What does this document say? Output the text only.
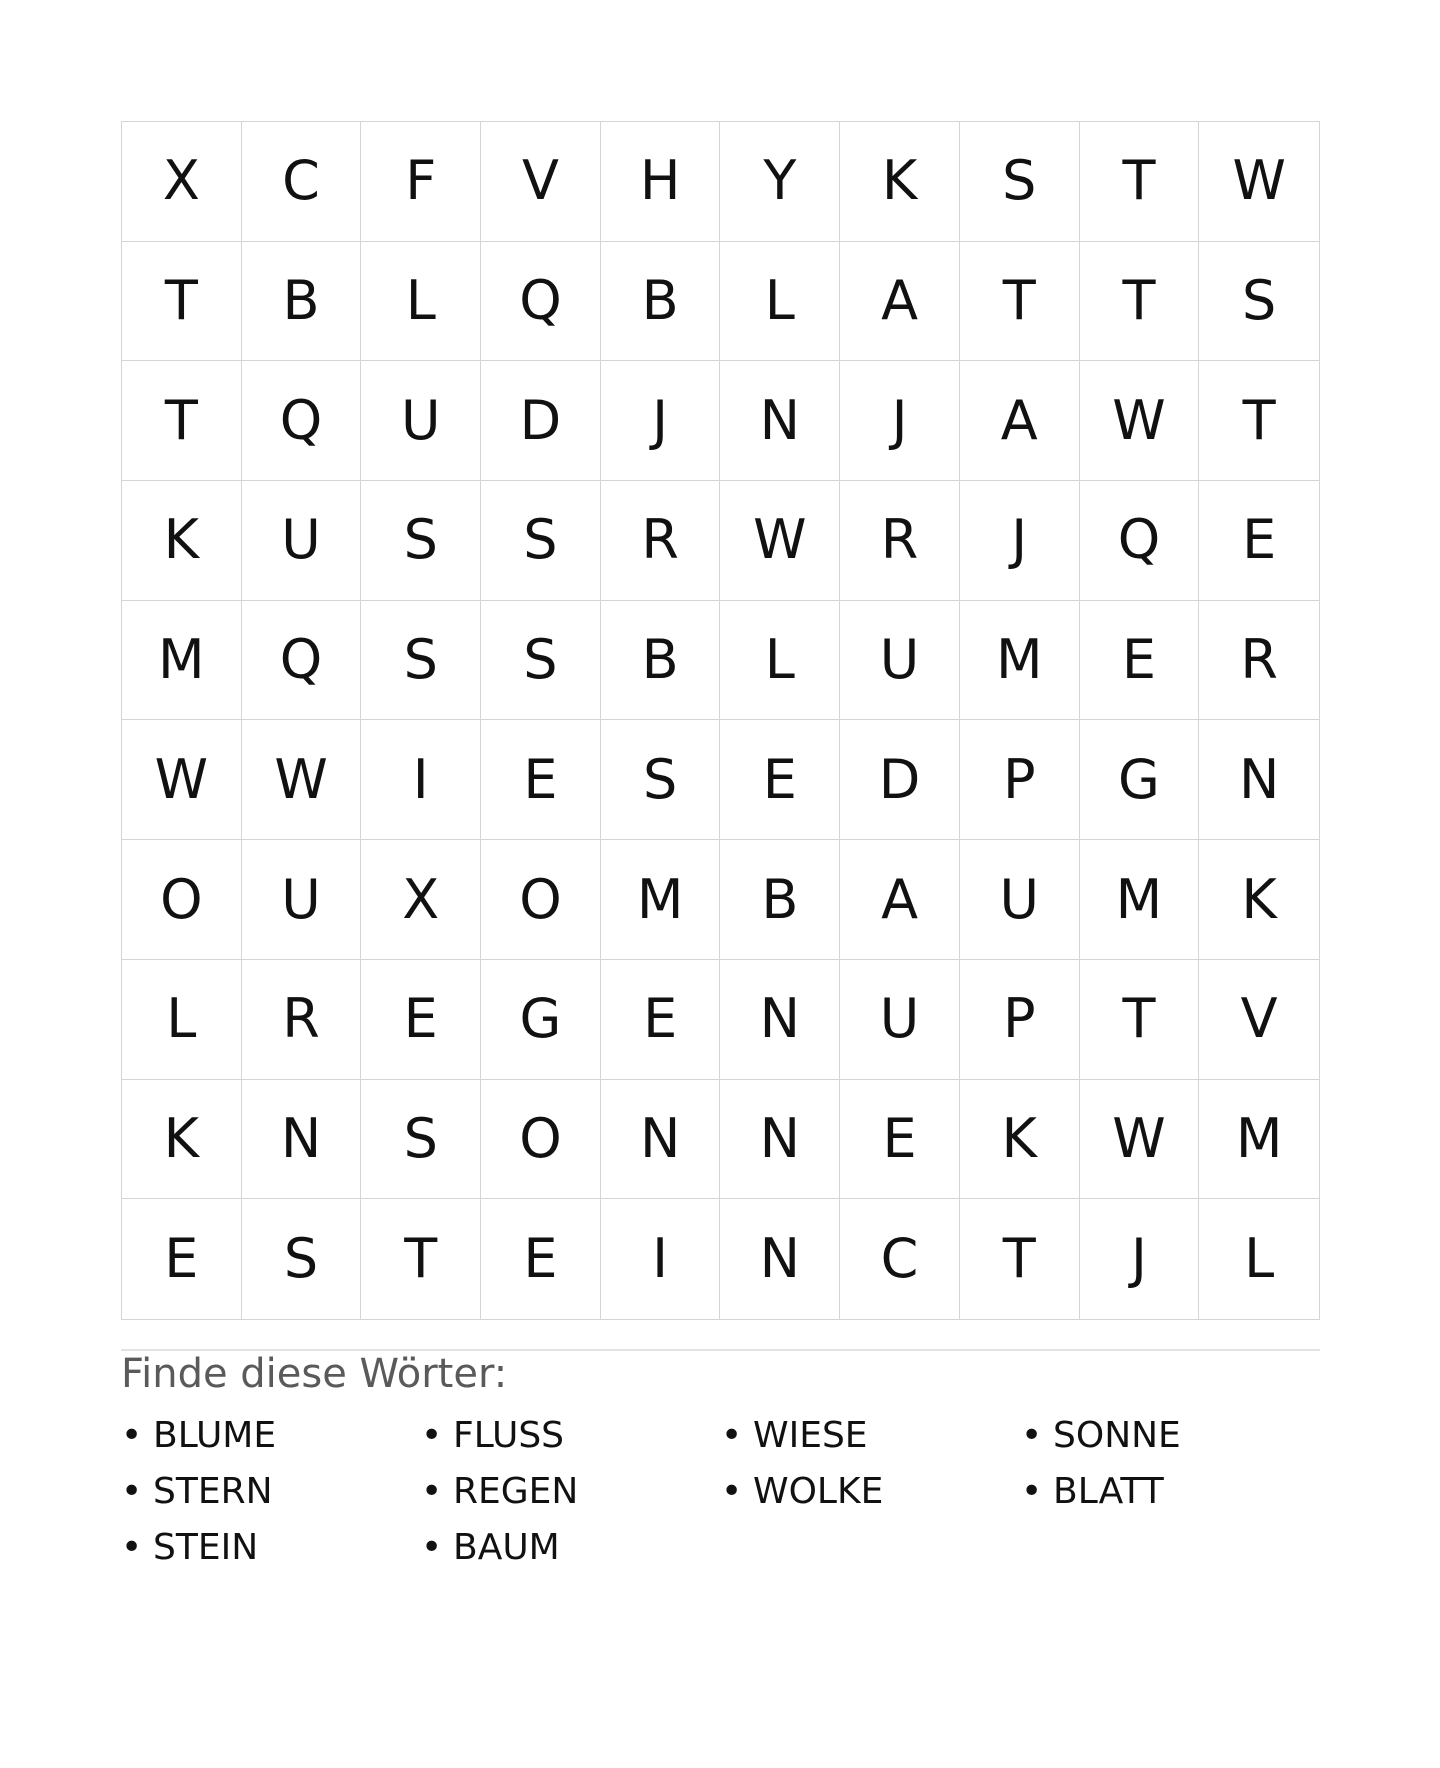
X	C	F	V	H	Y	K	S	T	W
T	B	L	Q	B	L	A	T	T	S
T	Q	U	D	J	N	J	A	W	T
K	U	S	S	R	W	R	J	Q	E
M	Q	S	S	B	L	U	M	E	R
W	W	I	E	S	E	D	P	G	N
O	U	X	O	M	B	A	U	M	K
L	R	E	G	E	N	U	P	T	V
K	N	S	O	N	N	E	K	W	M
E	S	T	E	I	N	C	T	J	L
Finde diese Wörter:
• BLUME	• FLUSS	• WIESE	• SONNE
• STERN	• REGEN	• WOLKE	• BLATT
• STEIN	• BAUM
